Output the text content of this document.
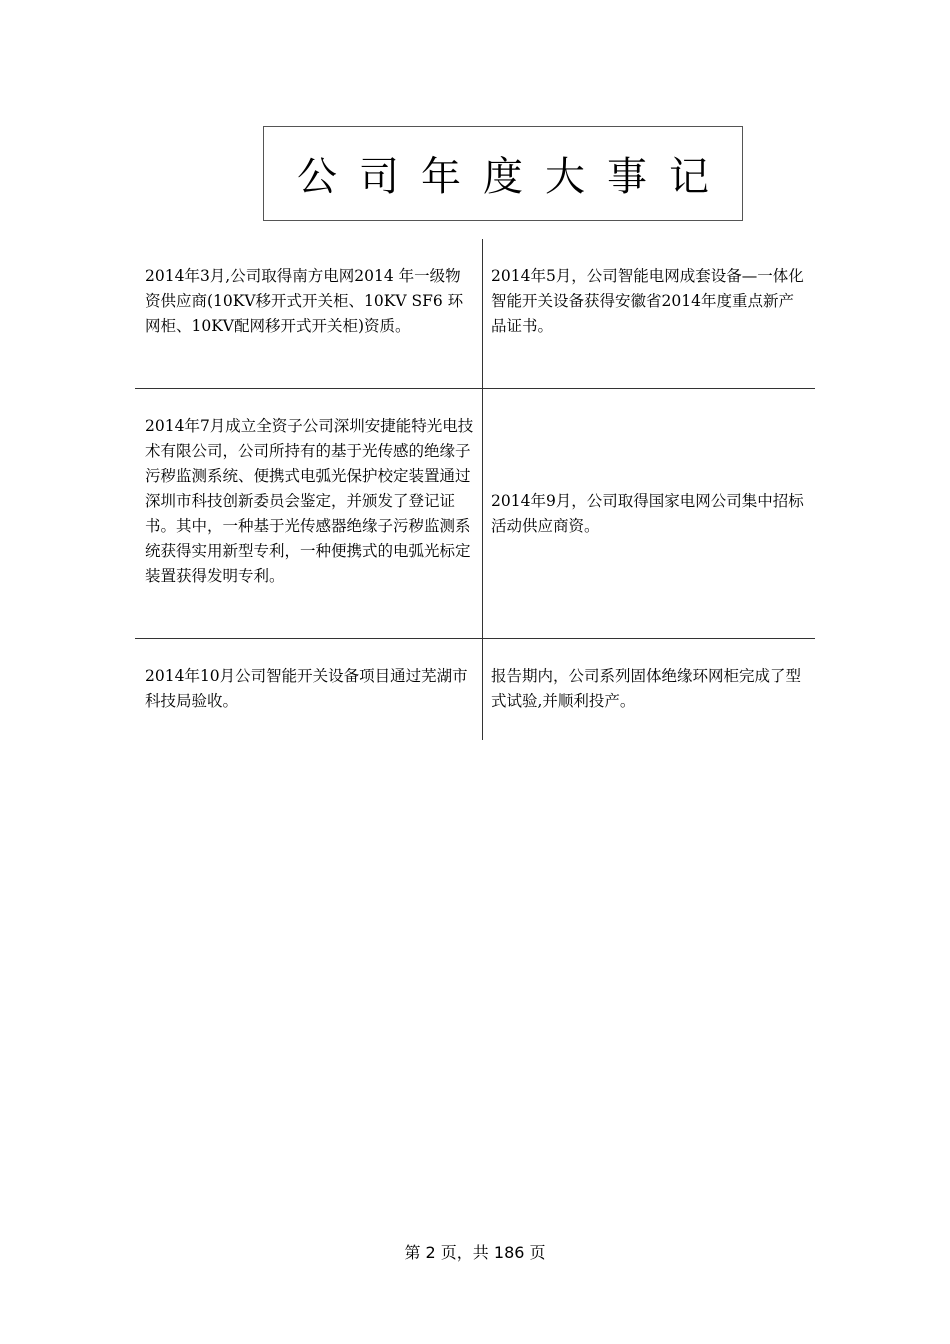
公司年度大事记
2014年3月,公司取得南方电网2014 年一级物资供应商(10KV移开式开关柜、10KV SF6 环网柜、10KV配网移开式开关柜)资质。
2014年5月，公司智能电网成套设备—一体化智能开关设备获得安徽省2014年度重点新产品证书。
2014年7月成立全资子公司深圳安捷能特光电技术有限公司，公司所持有的基于光传感的绝缘子污秽监测系统、便携式电弧光保护校定装置通过深圳市科技创新委员会鉴定，并颁发了登记证书。其中，一种基于光传感器绝缘子污秽监测系统获得实用新型专利，一种便携式的电弧光标定装置获得发明专利。
2014年9月，公司取得国家电网公司集中招标活动供应商资。
2014年10月公司智能开关设备项目通过芜湖市科技局验收。
报告期内，公司系列固体绝缘环网柜完成了型式试验,并顺利投产。
第 2 页，共 186 页
